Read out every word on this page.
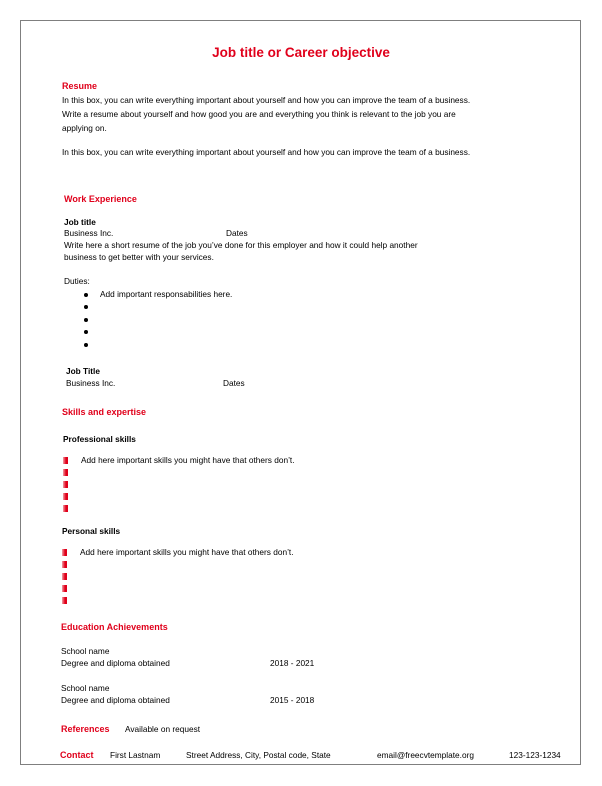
Job title or Career objective
Resume
In this box, you can write everything important about yourself and how you can improve the team of a business.
Write a resume about yourself and how good you are and everything you think is relevant to the job you are
applying on.
In this box, you can write everything important about yourself and how you can improve the team of a business.
Work Experience
Job title
Business Inc.	Dates
Write here a short resume of the job you’ve done for this employer and how it could help another
business to get better with your services.
Duties:
Add important responsabilities here.
Job Title
Business Inc.	Dates
Skills and expertise
Professional skills
Add here important skills you might have that others don’t.
Personal skills
Add here important skills you might have that others don’t.
Education Achievements
School name
Degree and diploma obtained	2018 - 2021
School name
Degree and diploma obtained	2015 - 2018
References Available on request
Contact First Lastnam	Street Address, City, Postal code, State	email@freecvtemplate.org	123-123-1234
